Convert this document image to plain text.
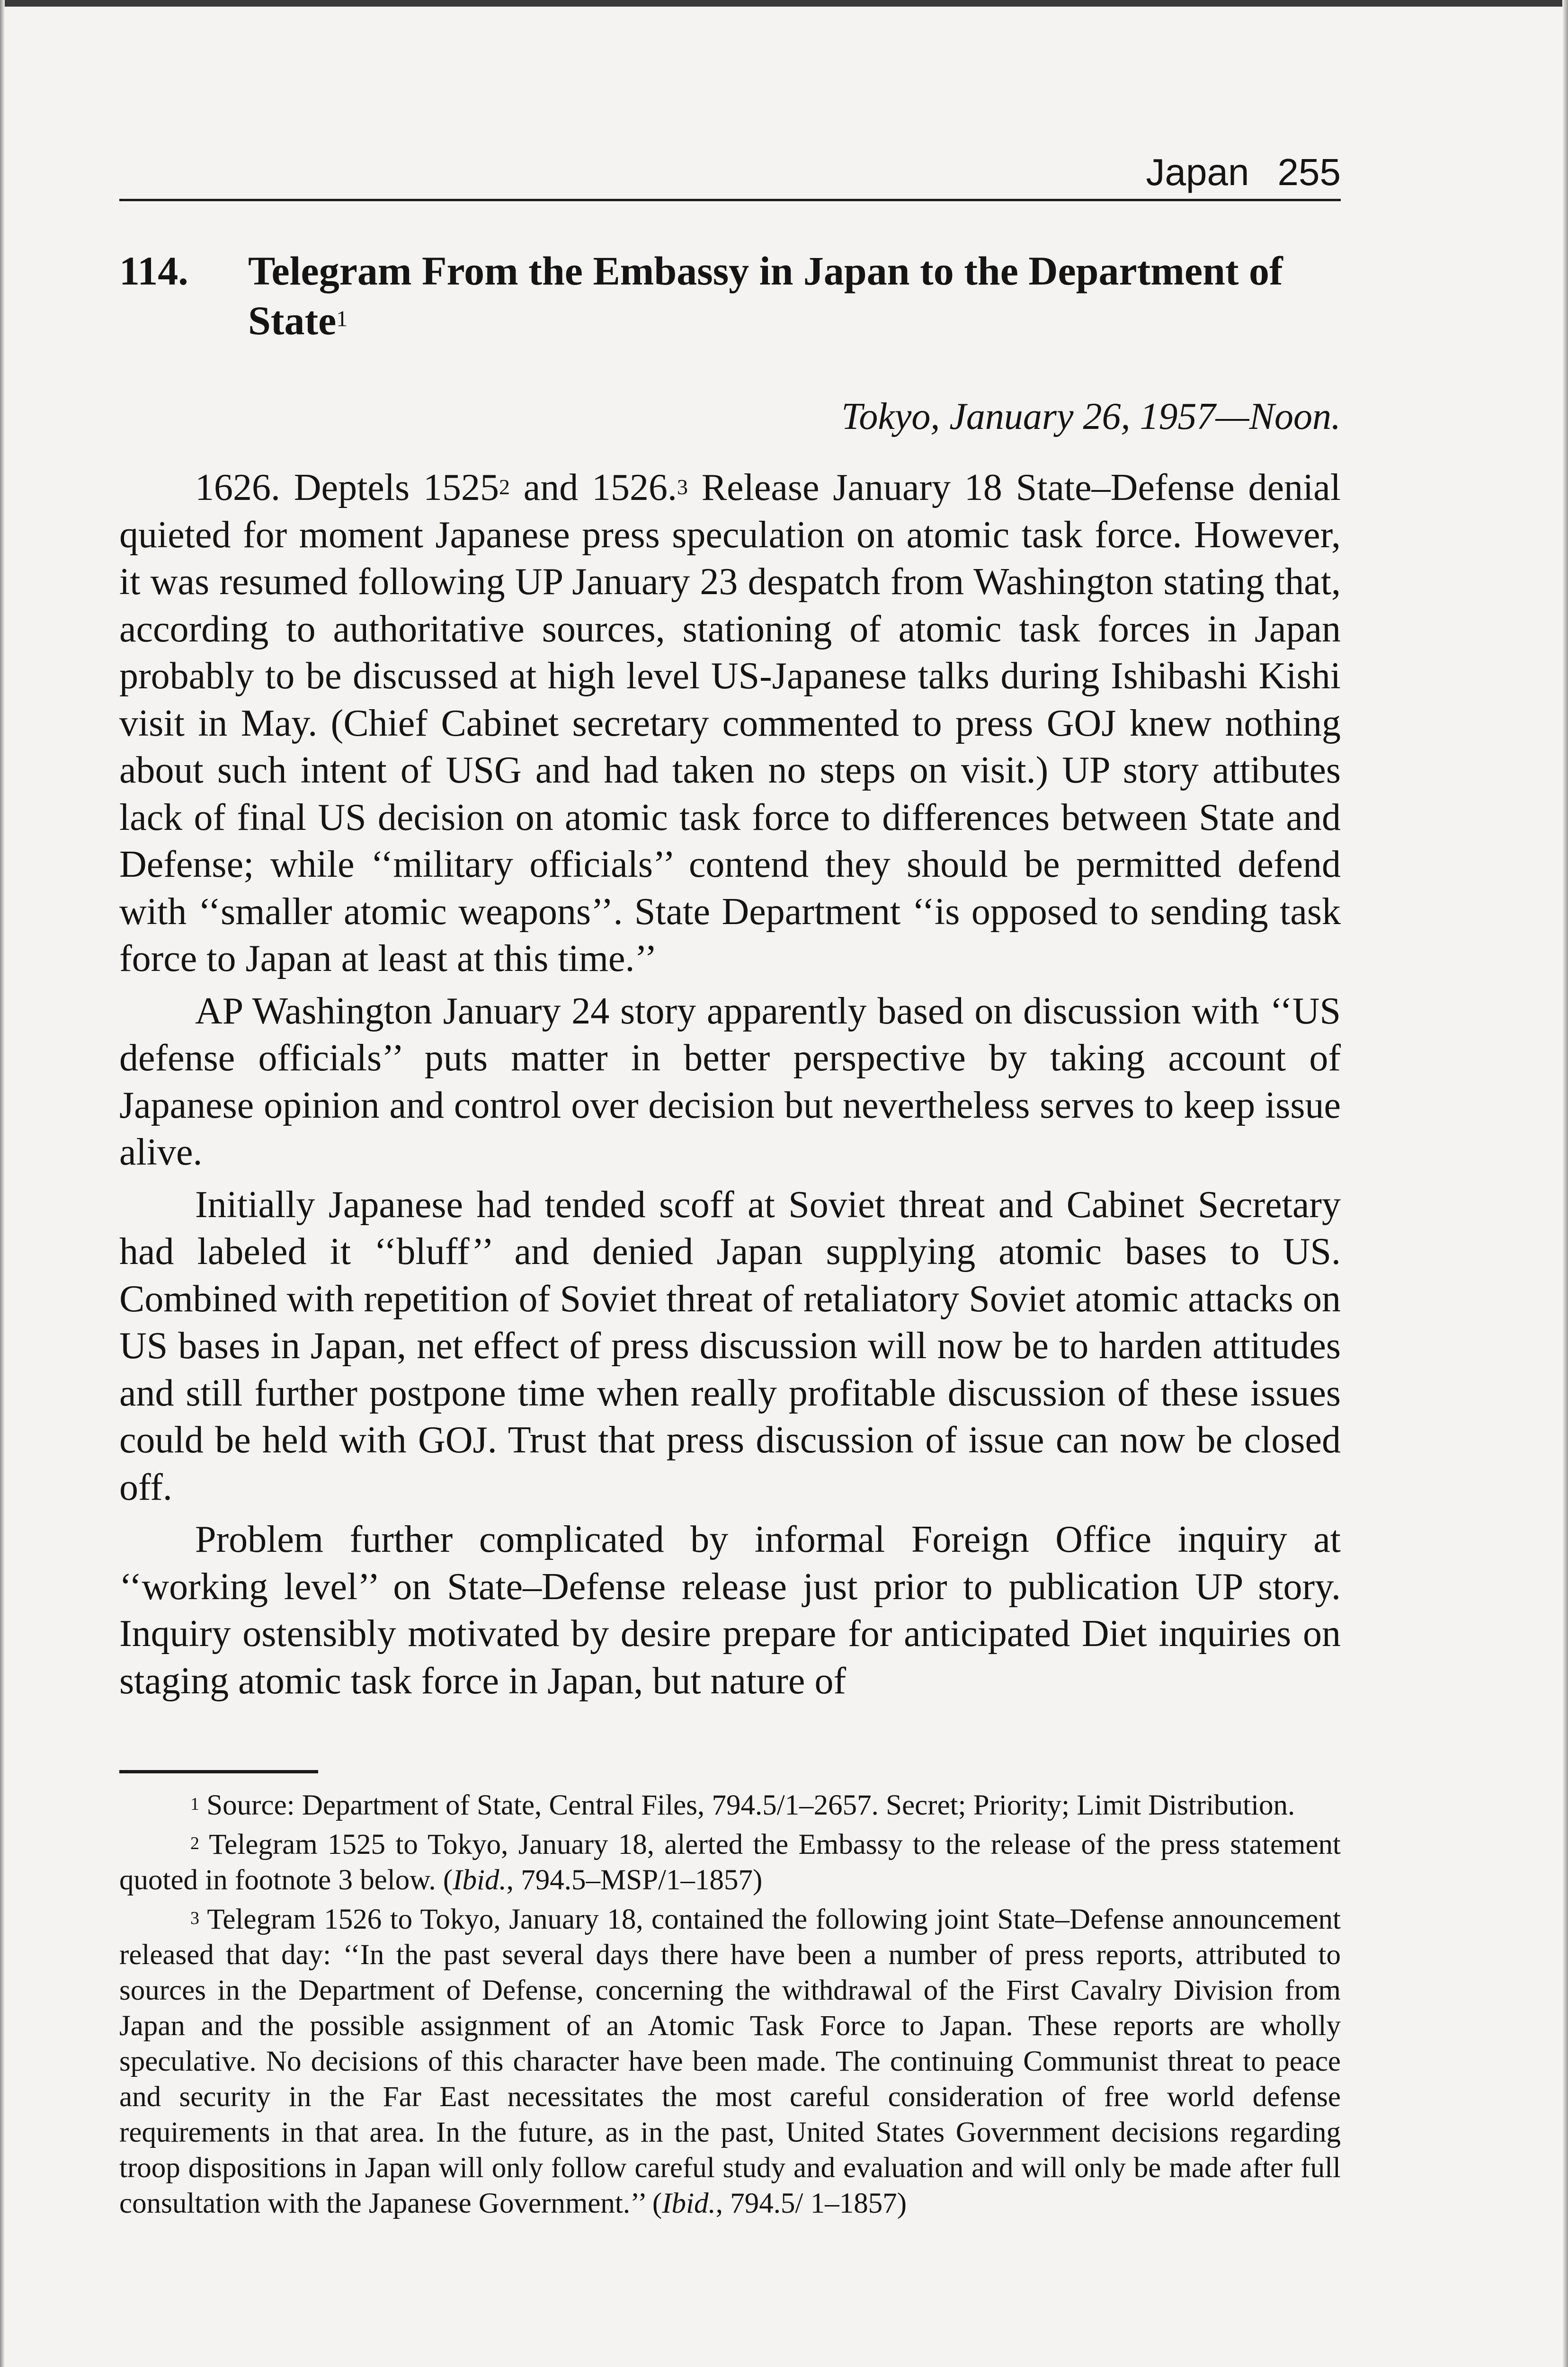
Japan 255
114.	Telegram From the Embassy in Japan to the Department of State$^1$
Tokyo, January 26, 1957—Noon.

1626. Deptels 1525$^2$ and 1526.$^3$ Release January 18 State–Defense denial quieted for moment Japanese press speculation on atomic task force. However, it was resumed following UP January 23 despatch from Washington stating that, according to authoritative sources, stationing of atomic task forces in Japan probably to be discussed at high level US-Japanese talks during Ishibashi Kishi visit in May. (Chief Cabinet secretary commented to press GOJ knew nothing about such intent of USG and had taken no steps on visit.) UP story attibutes lack of final US decision on atomic task force to differences between State and Defense; while ‘‘military officials’’ contend they should be permitted defend with ‘‘smaller atomic weapons’’. State Department ‘‘is opposed to sending task force to Japan at least at this time.’’

AP Washington January 24 story apparently based on discussion with ‘‘US defense officials’’ puts matter in better perspective by taking account of Japanese opinion and control over decision but nevertheless serves to keep issue alive.

Initially Japanese had tended scoff at Soviet threat and Cabinet Secretary had labeled it ‘‘bluff’’ and denied Japan supplying atomic bases to US. Combined with repetition of Soviet threat of retaliatory Soviet atomic attacks on US bases in Japan, net effect of press discussion will now be to harden attitudes and still further postpone time when really profitable discussion of these issues could be held with GOJ. Trust that press discussion of issue can now be closed off.

Problem further complicated by informal Foreign Office inquiry at ‘‘working level’’ on State–Defense release just prior to publication UP story. Inquiry ostensibly motivated by desire prepare for anticipated Diet inquiries on staging atomic task force in Japan, but nature of

$^1$ Source: Department of State, Central Files, 794.5/1–2657. Secret; Priority; Limit Distribution.

$^2$ Telegram 1525 to Tokyo, January 18, alerted the Embassy to the release of the press statement quoted in footnote 3 below. (Ibid., 794.5–MSP/1–1857)

$^3$ Telegram 1526 to Tokyo, January 18, contained the following joint State–Defense announcement released that day: ‘‘In the past several days there have been a number of press reports, attributed to sources in the Department of Defense, concerning the withdrawal of the First Cavalry Division from Japan and the possible assignment of an Atomic Task Force to Japan. These reports are wholly speculative. No decisions of this character have been made. The continuing Communist threat to peace and security in the Far East necessitates the most careful consideration of free world defense requirements in that area. In the future, as in the past, United States Government decisions regarding troop dispositions in Japan will only follow careful study and evaluation and will only be made after full consultation with the Japanese Government.’’ (Ibid., 794.5/ 1–1857)
